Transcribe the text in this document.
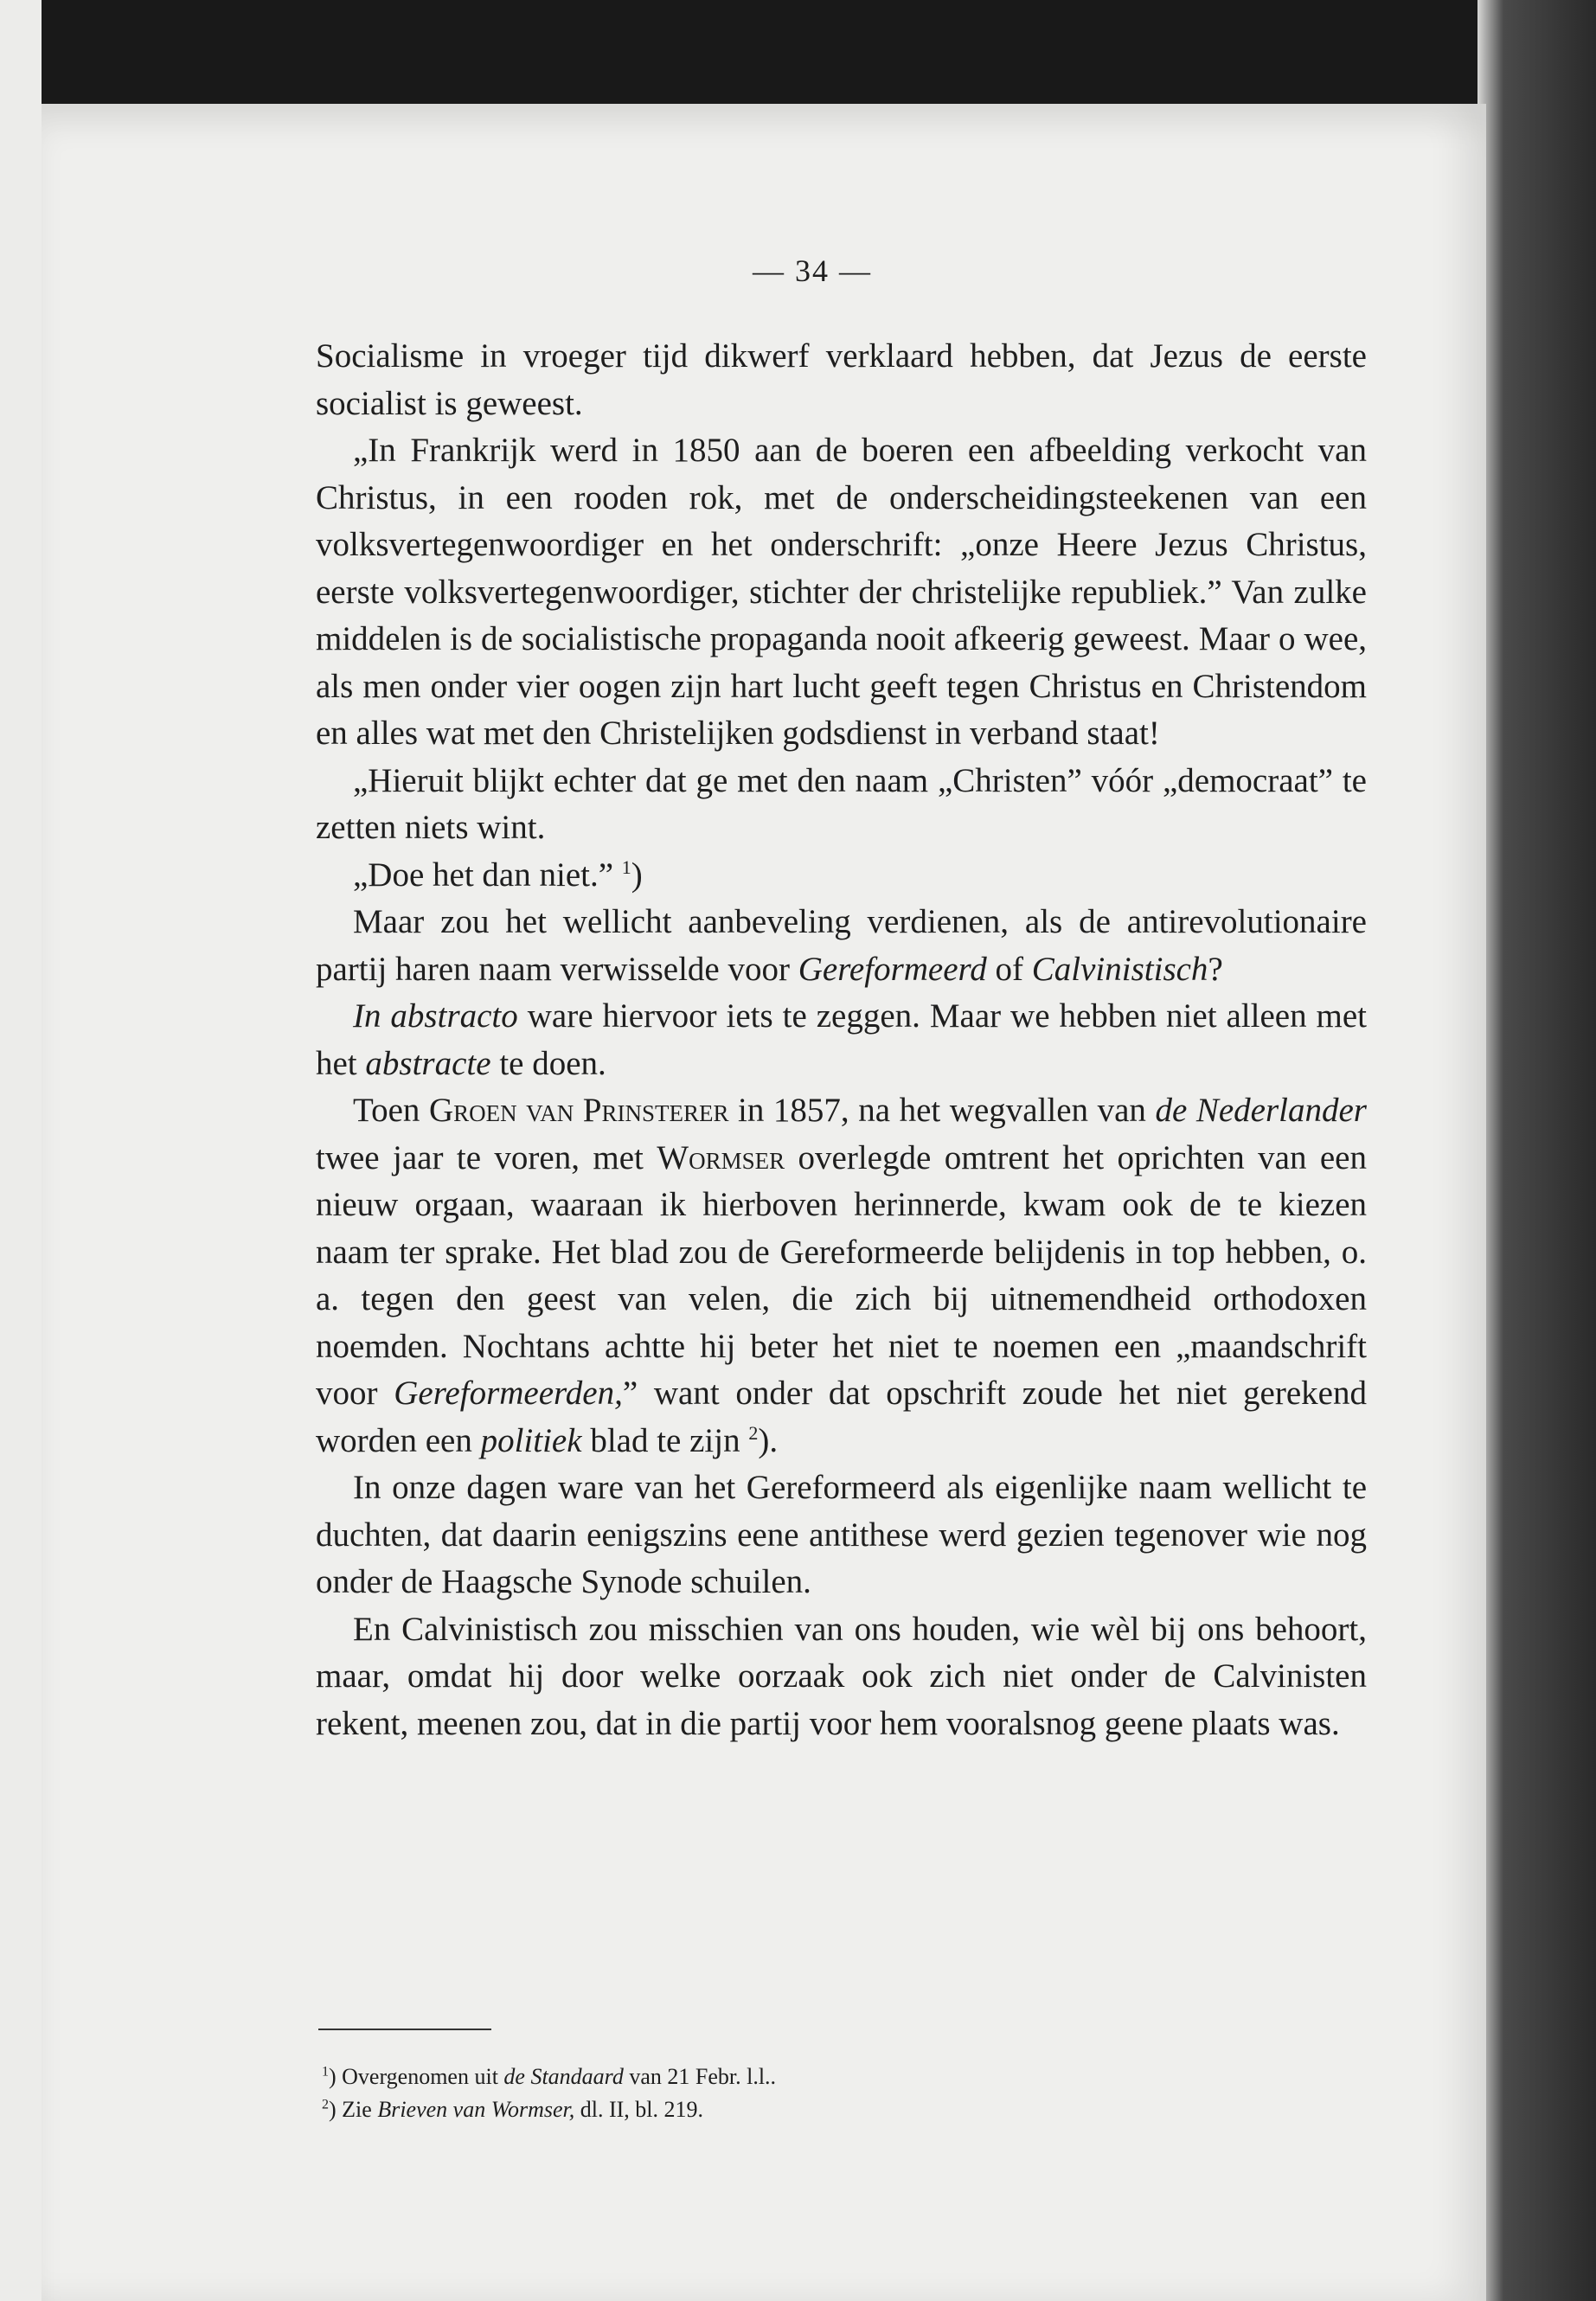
— 34 —

Socialisme in vroeger tijd dikwerf verklaard hebben, dat Jezus de eerste socialist is geweest.

„In Frankrijk werd in 1850 aan de boeren een afbeelding verkocht van Christus, in een rooden rok, met de onderscheidingsteekenen van een volksvertegenwoordiger en het onderschrift: „onze Heere Jezus Christus, eerste volksvertegenwoordiger, stichter der christelijke republiek.” Van zulke middelen is de socialistische propaganda nooit afkeerig geweest. Maar o wee, als men onder vier oogen zijn hart lucht geeft tegen Christus en Christendom en alles wat met den Christelijken godsdienst in verband staat!

„Hieruit blijkt echter dat ge met den naam „Christen” vóór „democraat” te zetten niets wint.

„Doe het dan niet.” $^1$)

Maar zou het wellicht aanbeveling verdienen, als de antirevolutionaire partij haren naam verwisselde voor Gereformeerd of Calvinistisch?

In abstracto ware hiervoor iets te zeggen. Maar we hebben niet alleen met het abstracte te doen.

Toen Groen van Prinsterer in 1857, na het wegvallen van de Nederlander twee jaar te voren, met Wormser overlegde omtrent het oprichten van een nieuw orgaan, waaraan ik hierboven herinnerde, kwam ook de te kiezen naam ter sprake. Het blad zou de Gereformeerde belijdenis in top hebben, o. a. tegen den geest van velen, die zich bij uitnemendheid orthodoxen noemden. Nochtans achtte hij beter het niet te noemen een „maandschrift voor Gereformeerden,” want onder dat opschrift zoude het niet gerekend worden een politiek blad te zijn $^2$).

In onze dagen ware van het Gereformeerd als eigenlijke naam wellicht te duchten, dat daarin eenigszins eene antithese werd gezien tegenover wie nog onder de Haagsche Synode schuilen.

En Calvinistisch zou misschien van ons houden, wie wèl bij ons behoort, maar, omdat hij door welke oorzaak ook zich niet onder de Calvinisten rekent, meenen zou, dat in die partij voor hem vooralsnog geene plaats was.

$^1$) Overgenomen uit de Standaard van 21 Febr. l.l..

$^2$) Zie Brieven van Wormser, dl. II, bl. 219.
